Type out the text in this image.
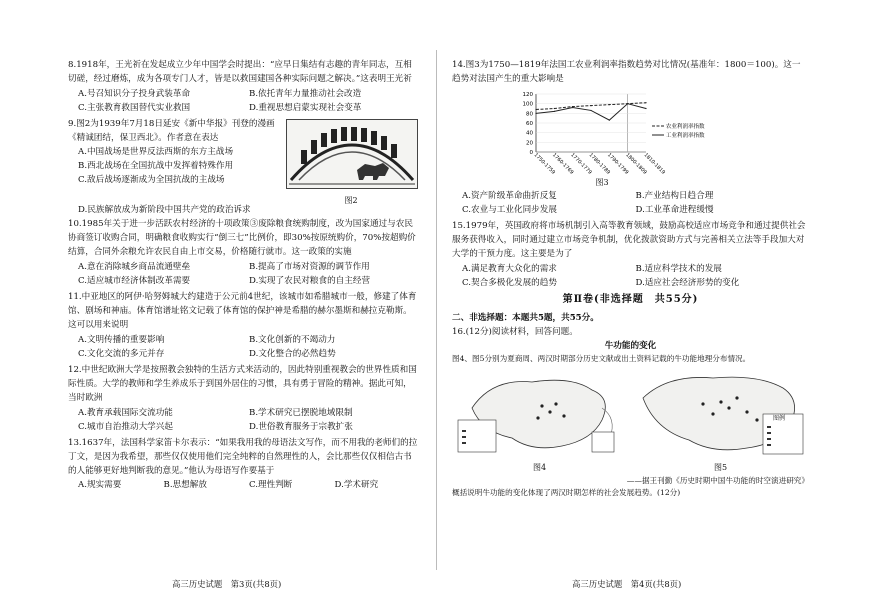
8.1918年，王光祈在发起成立少年中国学会时提出：“应早日集结有志趣的青年同志，互相切磋，经过磨炼，成为各项专门人才，皆是以救国建国各种实际问题之解决。”这表明王光祈

A.号召知识分子投身武装革命	B.依托青年力量推动社会改造
C.主张教育救国替代实业救国	D.重视思想启蒙实现社会变革

9.图2为1939年7月18日延安《新中华报》刊登的漫画《精诚团结，保卫西北》。作者意在表达

A.中国战场是世界反法西斯的东方主战场

B.西北战场在全国抗战中发挥着特殊作用

C.敌后战场逐渐成为全国抗战的主战场

图2

D.民族解放成为新阶段中国共产党的政治诉求

10.1985年关于进一步活跃农村经济的十项政策③废除粮食统购制度，改为国家通过与农民协商签订收购合同，明确粮食收购实行“倒三七”比例价，即30%按原统购价，70%按超购价结算，合同外余粮允许农民自由上市交易，价格随行就市。这一政策的实施

A.意在消除城乡商品流通壁垒	B.提高了市场对资源的调节作用
C.适应城市经济体制改革需要	D.实现了农民对粮食的自主经营

11.中亚地区的阿伊·哈努姆城大约建造于公元前4世纪，该城市如希腊城市一般，修建了体育馆、剧场和神庙。体育馆谱址铭文记载了体育馆的保护神是希腊的赫尔墨斯和赫拉克勒斯。这可以用来说明

A.文明传播的重要影响	B.文化创新的不竭动力
C.文化交流的多元并存	D.文化整合的必然趋势

12.中世纪欧洲大学是按照教会独特的生活方式来活动的，因此特别重视教会的世界性质和国际性质。大学的教师和学生养成乐于到国外居住的习惯，具有勇于冒险的精神。据此可知，当时欧洲

A.教育承载国际交流功能	B.学术研究已摆脱地域限制
C.城市自治推动大学兴起	D.世俗教育服务于宗教扩张

13.1637年，法国科学家笛卡尔表示：“如果我用我的母语法文写作，而不用我的老师们的拉丁文，是因为我希望，那些仅仅使用他们完全纯粹的自然理性的人，会比那些仅仅相信古书的人能够更好地判断我的意见。”他认为母语写作要基于

A.规实需要	B.思想解放	C.理性判断	D.学术研究

14.图3为1750—1819年法国工农业利润率指数趋势对比情况(基准年：1800＝100)。这一趋势对法国产生的重大影响是

0
20
40
60
80
100
120
1750-1759
1760-1769
1770-1779
1780-1789
1790-1799
1800-1809
1810-1819
农业利润率指数
工业利润率指数
图3
A.资产阶级革命曲折反复	B.产业结构日趋合理
C.农业与工业化同步发展	D.工业革命进程缓慢

15.1979年，英国政府将市场机制引入高等教育领域，鼓励高校适应市场竞争和通过提供社会服务获得收入，同时通过建立市场竞争机制，优化拨款资助方式与完善相关立法等手段加大对大学的干预力度。这主要是为了

A.满足教育大众化的需求	B.适应科学技术的发展
C.契合多极化发展的趋势	D.适应社会经济形势的变化
第Ⅱ卷(非选择题　共55分)

二、非选择题：本题共5题，共55分。

16.(12分)阅读材料，回答问题。

牛功能的变化

图4、图5分别为夏商周、两汉时期部分历史文献或出土资料记载的牛功能地理分布情况。

图4
图例
图5

——据王刊勤《历史时期中国牛功能的时空演进研究》

概括说明牛功能的变化体现了两汉时期怎样的社会发展趋势。(12分)

高三历史试题　第3页(共8页)	高三历史试题　第4页(共8页)
